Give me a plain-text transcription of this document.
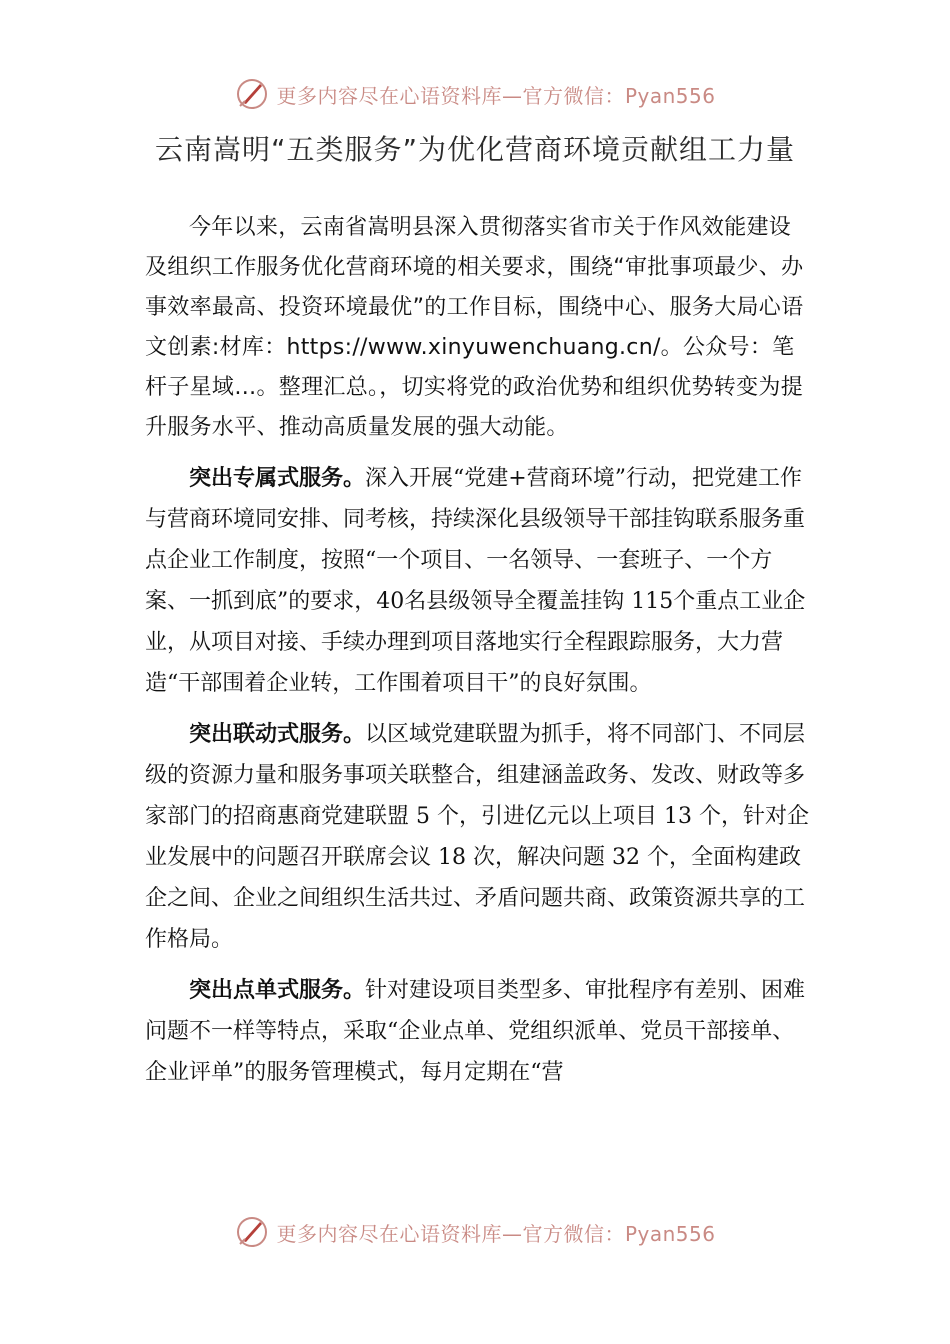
更多内容尽在心语资料库—官方微信：Pyan556
云南嵩明“五类服务”为优化营商环境贡献组工力量

今年以来，云南省嵩明县深入贯彻落实省市关于作风效能建设及组织工作服务优化营商环境的相关要求，围绕“审批事项最少、办事效率最高、投资环境最优”的工作目标，围绕中心、服务大局心语文创素:材库：https://www.xinyuwenchuang.cn/。公众号：笔杆子星域…。整理汇总。，切实将党的政治优势和组织优势转变为提升服务水平、推动高质量发展的强大动能。

突出专属式服务。深入开展“党建+营商环境”行动，把党建工作与营商环境同安排、同考核，持续深化县级领导干部挂钩联系服务重点企业工作制度，按照“一个项目、一名领导、一套班子、一个方案、一抓到底”的要求，40名县级领导全覆盖挂钩 115个重点工业企业，从项目对接、手续办理到项目落地实行全程跟踪服务，大力营造“干部围着企业转，工作围着项目干”的良好氛围。

突出联动式服务。以区域党建联盟为抓手，将不同部门、不同层级的资源力量和服务事项关联整合，组建涵盖政务、发改、财政等多家部门的招商惠商党建联盟 5 个，引进亿元以上项目 13 个，针对企业发展中的问题召开联席会议 18 次，解决问题 32 个，全面构建政企之间、企业之间组织生活共过、矛盾问题共商、政策资源共享的工作格局。

突出点单式服务。针对建设项目类型多、审批程序有差别、困难问题不一样等特点，采取“企业点单、党组织派单、党员干部接单、企业评单”的服务管理模式，每月定期在“营

更多内容尽在心语资料库—官方微信：Pyan556
